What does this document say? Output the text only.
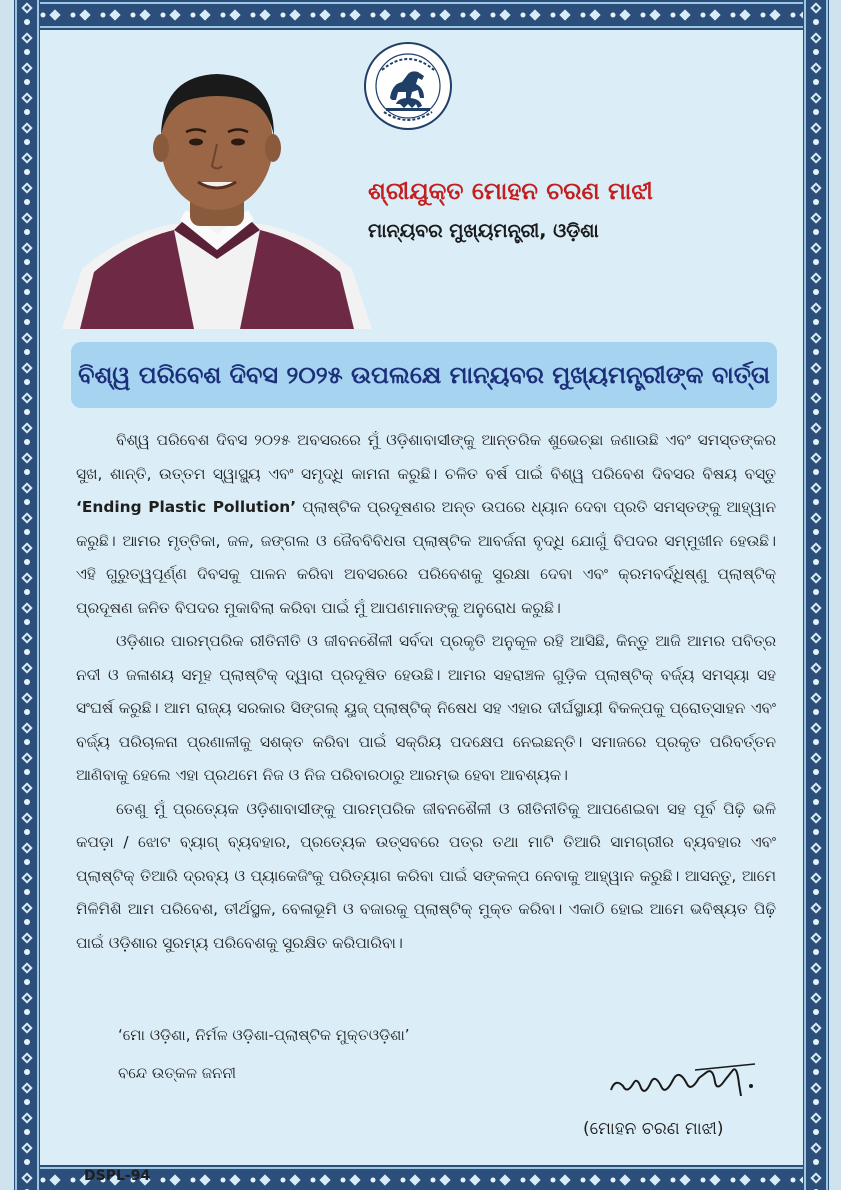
ଶ୍ରୀଯୁକ୍ତ ମୋହନ ଚରଣ ମାଝୀ
ମାନ୍ୟବର ମୁଖ୍ୟମନ୍ତ୍ରୀ, ଓଡ଼ିଶା
ବିଶ୍ୱ ପରିବେଶ ଦିବସ ୨୦୨୫ ଉପଲକ୍ଷେ ମାନ୍ୟବର ମୁଖ୍ୟମନ୍ତ୍ରୀଙ୍କ ବାର୍ତ୍ତା

ବିଶ୍ୱ ପରିବେଶ ଦିବସ ୨୦୨୫ ଅବସରରେ ମୁଁ ଓଡ଼ିଶାବାସୀଙ୍କୁ ଆନ୍ତରିକ ଶୁଭେଚ୍ଛା ଜଣାଉଛି ଏବଂ ସମସ୍ତଙ୍କର ସୁଖ, ଶାନ୍ତି, ଉତ୍ତମ ସ୍ୱାସ୍ଥ୍ୟ ଏବଂ ସମୃଦ୍ଧି କାମନା କରୁଛି। ଚଳିତ ବର୍ଷ ପାଇଁ ବିଶ୍ୱ ପରିବେଶ ଦିବସର ବିଷୟ ବସ୍ତୁ ‘Ending Plastic Pollution’ ପ୍ଲାଷ୍ଟିକ ପ୍ରଦୂଷଣର ଅନ୍ତ ଉପରେ ଧ୍ୟାନ ଦେବା ପ୍ରତି ସମସ୍ତଙ୍କୁ ଆହ୍ୱାନ କରୁଛି। ଆମର ମୃତ୍ତିକା, ଜଳ, ଜଙ୍ଗଲ ଓ ଜୈବବିବିଧତା ପ୍ଲାଷ୍ଟିକ ଆବର୍ଜନା ବୃଦ୍ଧି ଯୋଗୁଁ ବିପଦର ସମ୍ମୁଖୀନ ହେଉଛି। ଏହି ଗୁରୁତ୍ୱପୂର୍ଣ୍ଣ ଦିବସକୁ ପାଳନ କରିବା ଅବସରରେ ପରିବେଶକୁ ସୁରକ୍ଷା ଦେବା ଏବଂ କ୍ରମବର୍ଦ୍ଧିଷ୍ଣୁ ପ୍ଲାଷ୍ଟିକ୍ ପ୍ରଦୂଷଣ ଜନିତ ବିପଦର ମୁକାବିଲା କରିବା ପାଇଁ ମୁଁ ଆପଣମାନଙ୍କୁ ଅନୁରୋଧ କରୁଛି।

ଓଡ଼ିଶାର ପାରମ୍ପରିକ ରୀତିନୀତି ଓ ଜୀବନଶୈଳୀ ସର୍ବଦା ପ୍ରକୃତି ଅନୁକୂଳ ରହି ଆସିଛି, କିନ୍ତୁ ଆଜି ଆମର ପବିତ୍ର ନଦୀ ଓ ଜଳାଶୟ ସମୂହ ପ୍ଲାଷ୍ଟିକ୍ ଦ୍ୱାରା ପ୍ରଦୂଷିତ ହେଉଛି। ଆମର ସହରାଞ୍ଚଳ ଗୁଡ଼ିକ ପ୍ଲାଷ୍ଟିକ୍ ବର୍ଜ୍ୟ ସମସ୍ୟା ସହ ସଂଘର୍ଷ କରୁଛି। ଆମ ରାଜ୍ୟ ସରକାର ସିଙ୍ଗଲ୍ ୟୁଜ୍ ପ୍ଲାଷ୍ଟିକ୍ ନିଷେଧ ସହ ଏହାର ଦୀର୍ଘସ୍ଥାୟୀ ବିକଳ୍ପକୁ ପ୍ରୋତ୍ସାହନ ଏବଂ ବର୍ଜ୍ୟ ପରିଚାଳନା ପ୍ରଣାଳୀକୁ ସଶକ୍ତ କରିବା ପାଇଁ ସକ୍ରିୟ ପଦକ୍ଷେପ ନେଇଛନ୍ତି। ସମାଜରେ ପ୍ରକୃତ ପରିବର୍ତ୍ତନ ଆଣିବାକୁ ହେଲେ ଏହା ପ୍ରଥମେ ନିଜ ଓ ନିଜ ପରିବାରଠାରୁ ଆରମ୍ଭ ହେବା ଆବଶ୍ୟକ।

ତେଣୁ ମୁଁ ପ୍ରତ୍ୟେକ ଓଡ଼ିଶାବାସୀଙ୍କୁ ପାରମ୍ପରିକ ଜୀବନଶୈଳୀ ଓ ରୀତିନୀତିକୁ ଆପଣେଇବା ସହ ପୂର୍ବ ପିଢ଼ି ଭଳି କପଡ଼ା / ଝୋଟ ବ୍ୟାଗ୍ ବ୍ୟବହାର, ପ୍ରତ୍ୟେକ ଉତ୍ସବରେ ପତ୍ର ତଥା ମାଟି ତିଆରି ସାମଗ୍ରୀର ବ୍ୟବହାର ଏବଂ ପ୍ଲାଷ୍ଟିକ୍ ତିଆରି ଦ୍ରବ୍ୟ ଓ ପ୍ୟାକେଜିଂକୁ ପରିତ୍ୟାଗ କରିବା ପାଇଁ ସଙ୍କଳ୍ପ ନେବାକୁ ଆହ୍ୱାନ କରୁଛି। ଆସନ୍ତୁ, ଆମେ ମିଳିମିଶି ଆମ ପରିବେଶ, ତୀର୍ଥସ୍ଥଳ, ବେଳାଭୂମି ଓ ବଜାରକୁ ପ୍ଲାଷ୍ଟିକ୍ ମୁକ୍ତ କରିବା। ଏକାଠି ହୋଇ ଆମେ ଭବିଷ୍ୟତ ପିଢ଼ି ପାଇଁ ଓଡ଼ିଶାର ସୁରମ୍ୟ ପରିବେଶକୁ ସୁରକ୍ଷିତ କରିପାରିବା।

‘ମୋ ଓଡ଼ିଶା, ନିର୍ମଳ ଓଡ଼ିଶା-ପ୍ଲାଷ୍ଟିକ ମୁକ୍ତଓଡ଼ିଶା’
ବନ୍ଦେ ଉତ୍କଳ ଜନନୀ
(ମୋହନ ଚରଣ ମାଝୀ)
DSPL-94
